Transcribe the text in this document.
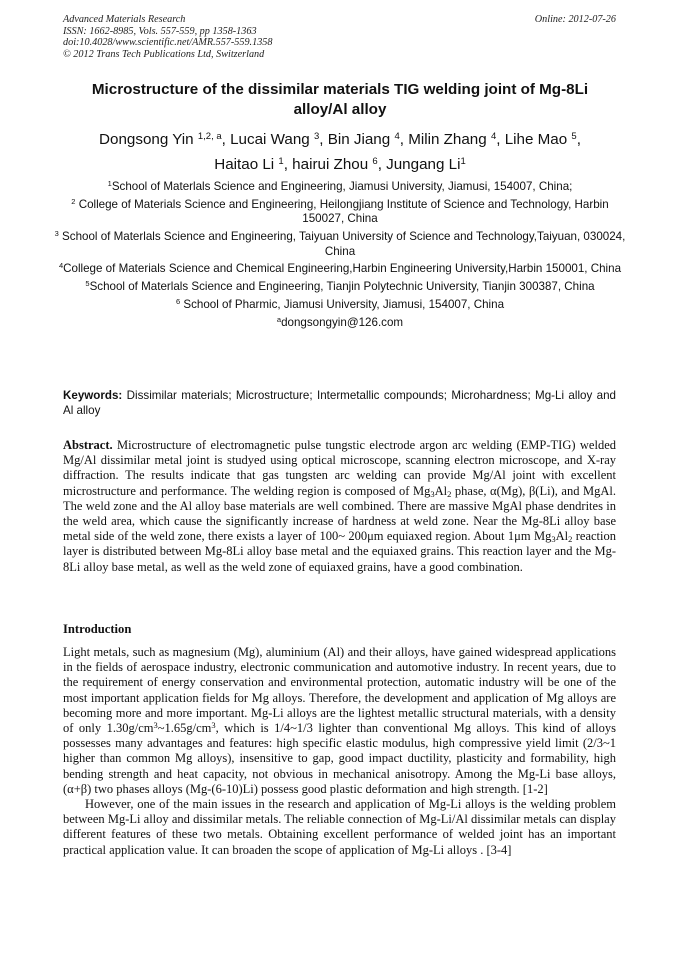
Advanced Materials Research
ISSN: 1662-8985, Vols. 557-559, pp 1358-1363
doi:10.4028/www.scientific.net/AMR.557-559.1358
© 2012 Trans Tech Publications Ltd, Switzerland
Online: 2012-07-26
Microstructure of the dissimilar materials TIG welding joint of Mg-8Li alloy/Al alloy
Dongsong Yin $^{1,2, a}$, Lucai Wang $^3$, Bin Jiang $^4$, Milin Zhang $^4$, Lihe Mao $^5$,
Haitao Li $^1$, hairui Zhou $^6$, Jungang Li$^1$
$^1$School of Materlals Science and Engineering, Jiamusi University, Jiamusi, 154007, China;
$^2$ College of Materials Science and Engineering, Heilongjiang Institute of Science and Technology, Harbin 150027, China
$^3$ School of Materlals Science and Engineering, Taiyuan University of Science and Technology,Taiyuan, 030024, China
$^4$College of Materials Science and Chemical Engineering,Harbin Engineering University,Harbin 150001, China
$^5$School of Materlals Science and Engineering, Tianjin Polytechnic University, Tianjin 300387, China
$^6$ School of Pharmic, Jiamusi University, Jiamusi, 154007, China
$^a$dongsongyin@126.com
Keywords: Dissimilar materials; Microstructure; Intermetallic compounds; Microhardness; Mg-Li alloy and Al alloy
Abstract. Microstructure of electromagnetic pulse tungstic electrode argon arc welding (EMP-TIG) welded Mg/Al dissimilar metal joint is studyed using optical microscope, scanning electron microscope, and X-ray diffraction. The results indicate that gas tungsten arc welding can provide Mg/Al joint with excellent microstructure and performance. The welding region is composed of $Mg_3Al_2$ phase, α(Mg), β(Li), and MgAl. The weld zone and the Al alloy base materials are well combined. There are massive MgAl phase dendrites in the weld area, which cause the significantly increase of hardness at weld zone. Near the Mg-8Li alloy base metal side of the weld zone, there exists a layer of 100~ 200μm equiaxed region. About 1μm $Mg_3Al_2$ reaction layer is distributed between Mg-8Li alloy base metal and the equiaxed grains. This reaction layer and the Mg-8Li alloy base metal, as well as the weld zone of equiaxed grains, have a good combination.
Introduction

Light metals, such as magnesium (Mg), aluminium (Al) and their alloys, have gained widespread applications in the fields of aerospace industry, electronic communication and automotive industry. In recent years, due to the requirement of energy conservation and environmental protection, automatic industry will be one of the most important application fields for Mg alloys. Therefore, the development and application of Mg alloys are becoming more and more important. Mg-Li alloys are the lightest metallic structural materials, with a density of only $1.30g/cm^3\sim 1.65g/cm^3$, which is 1/4~1/3 lighter than conventional Mg alloys. This kind of alloys possesses many advantages and features: high specific elastic modulus, high compressive yield limit (2/3~1 higher than common Mg alloys), insensitive to gap, good impact ductility, plasticity and formability, high bending strength and heat capacity, not obvious in mechanical anisotropy. Among the Mg-Li base alloys, (α+β) two phases alloys (Mg-(6-10)Li) possess good plastic deformation and high strength. [1-2]

However, one of the main issues in the research and application of Mg-Li alloys is the welding problem between Mg-Li alloy and dissimilar metals. The reliable connection of Mg-Li/Al dissimilar metals can display different features of these two metals. Obtaining excellent performance of welded joint has an important practical application value. It can broaden the scope of application of Mg-Li alloys . [3-4]
